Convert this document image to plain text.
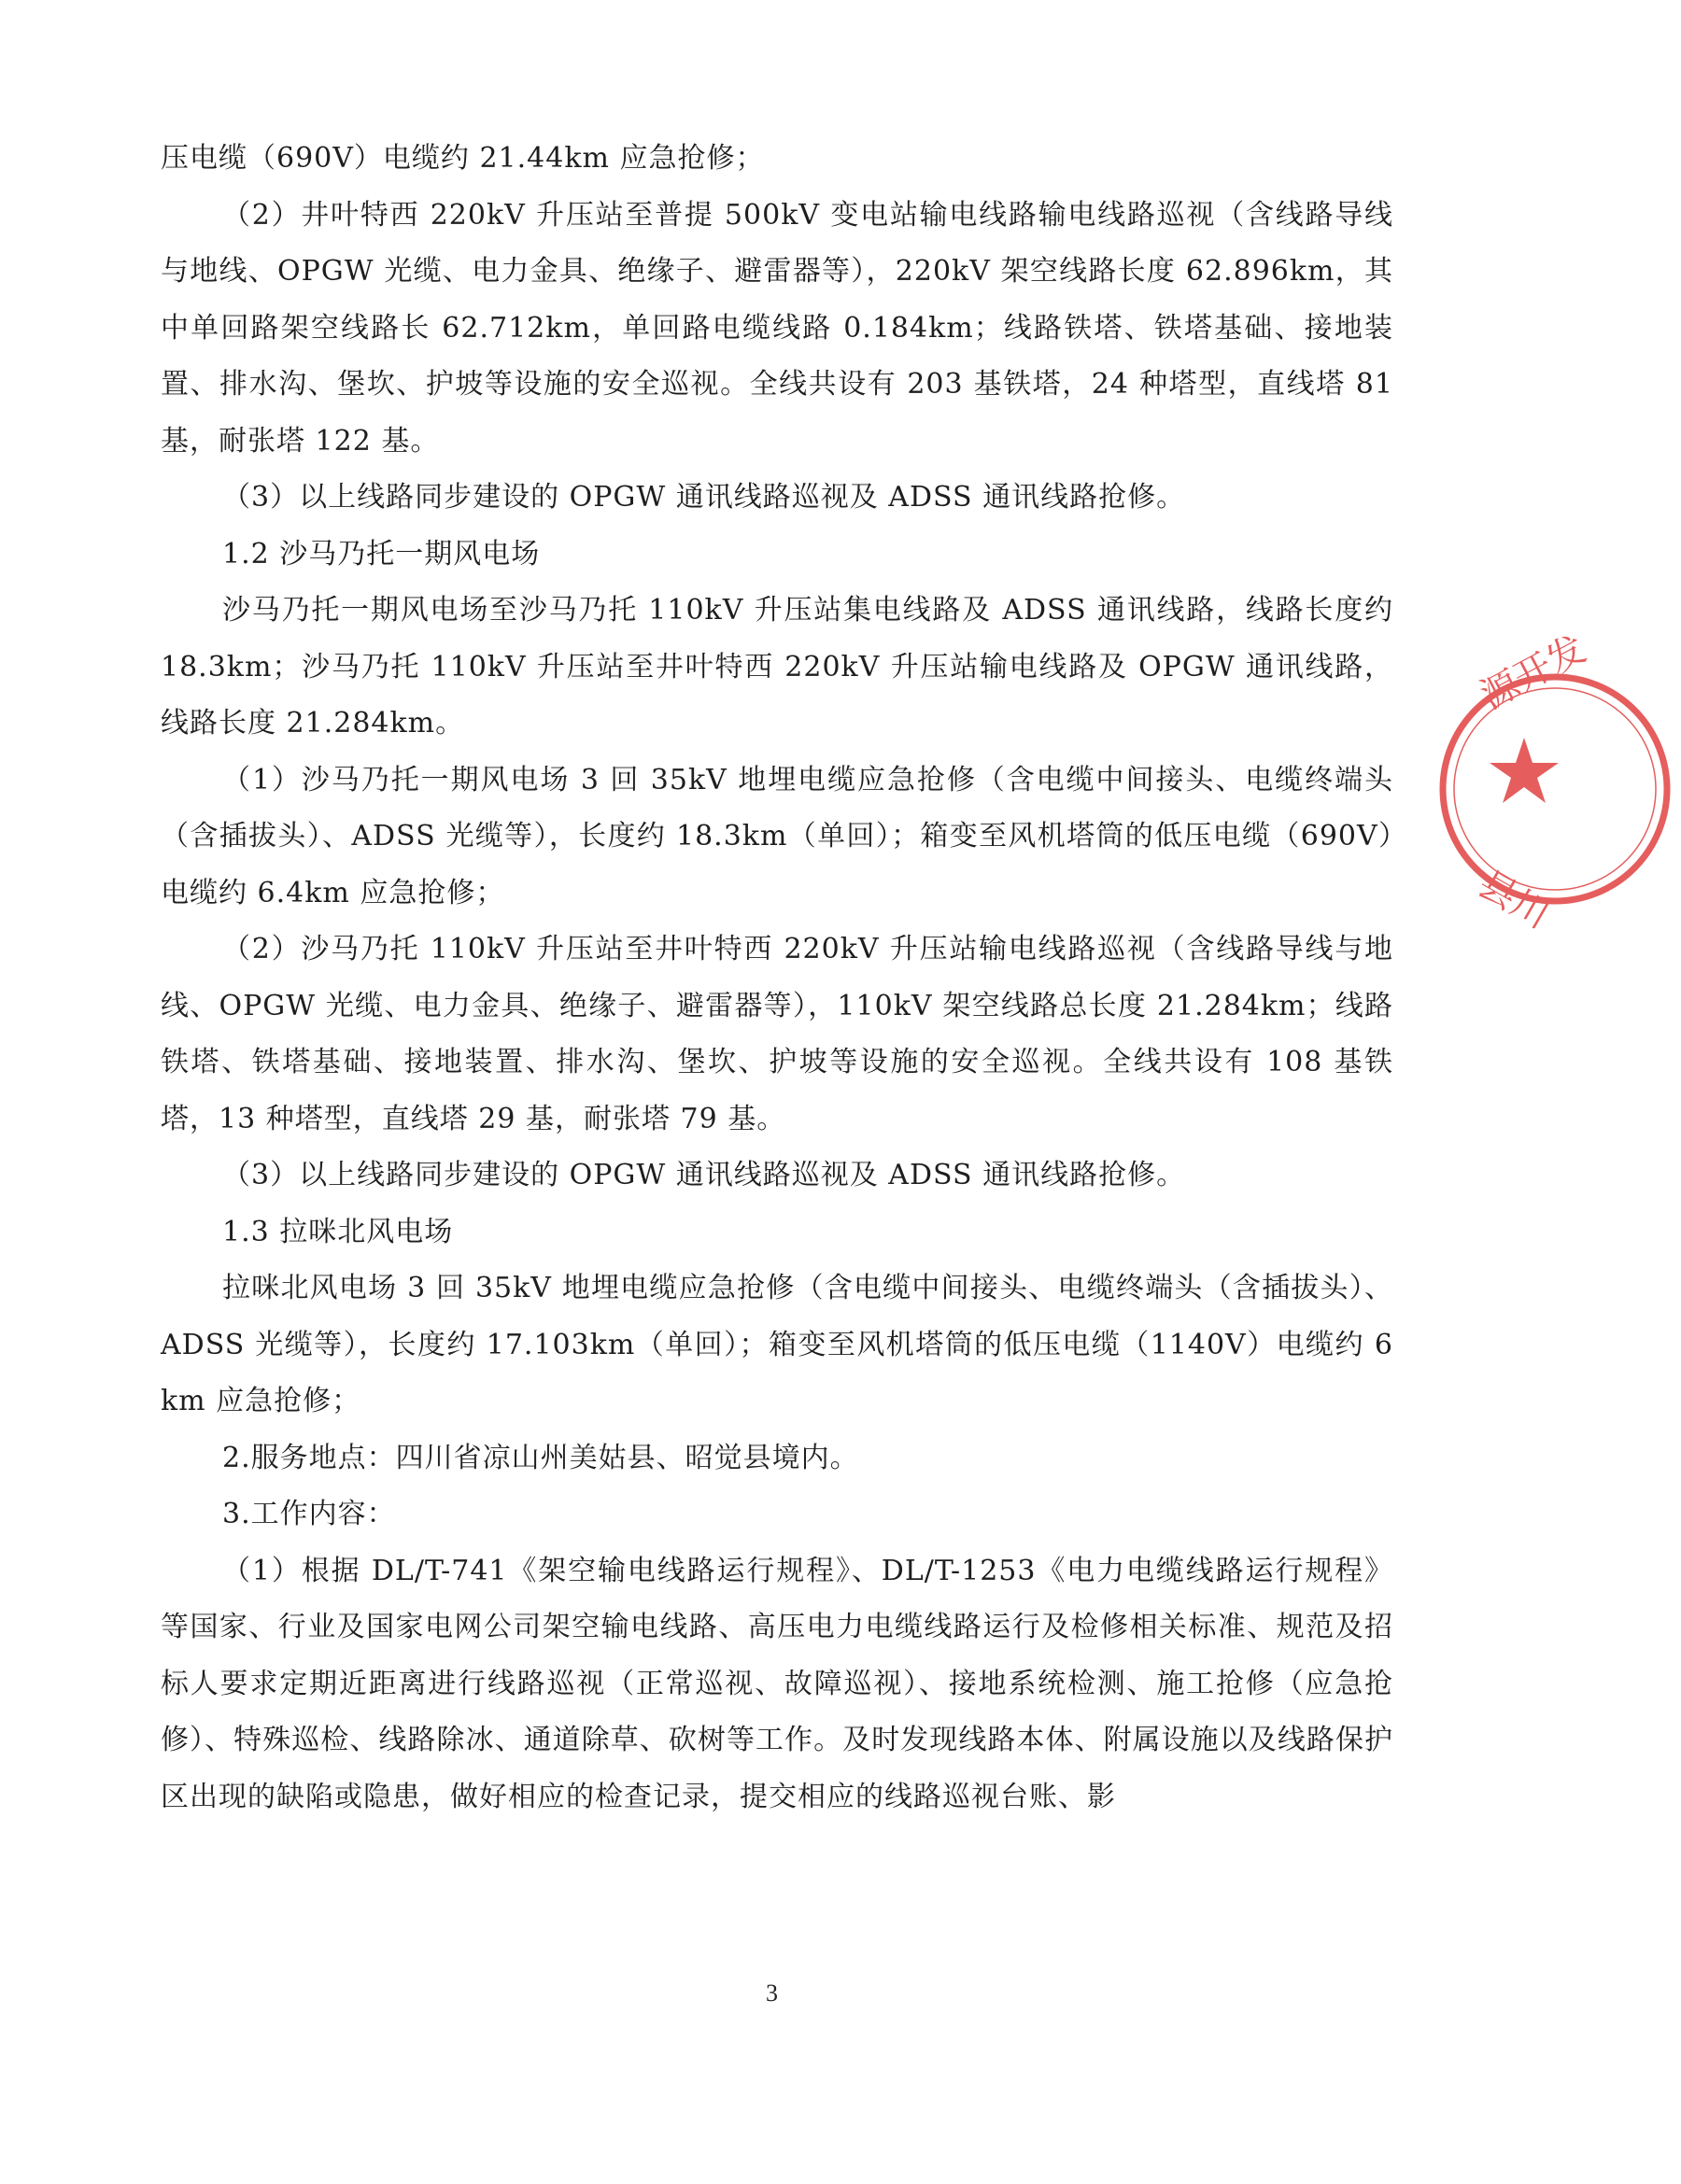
压电缆（690V）电缆约 21.44km 应急抢修；

（2）井叶特西 220kV 升压站至普提 500kV 变电站输电线路输电线路巡视（含线路导线与地线、OPGW 光缆、电力金具、绝缘子、避雷器等），220kV 架空线路长度 62.896km，其中单回路架空线路长 62.712km，单回路电缆线路 0.184km；线路铁塔、铁塔基础、接地装置、排水沟、堡坎、护坡等设施的安全巡视。全线共设有 203 基铁塔，24 种塔型，直线塔 81 基，耐张塔 122 基。

（3）以上线路同步建设的 OPGW 通讯线路巡视及 ADSS 通讯线路抢修。

1.2 沙马乃托一期风电场

沙马乃托一期风电场至沙马乃托 110kV 升压站集电线路及 ADSS 通讯线路，线路长度约 18.3km；沙马乃托 110kV 升压站至井叶特西 220kV 升压站输电线路及 OPGW 通讯线路，线路长度 21.284km。

（1）沙马乃托一期风电场 3 回 35kV 地埋电缆应急抢修（含电缆中间接头、电缆终端头（含插拔头）、ADSS 光缆等），长度约 18.3km（单回）；箱变至风机塔筒的低压电缆（690V）电缆约 6.4km 应急抢修；

（2）沙马乃托 110kV 升压站至井叶特西 220kV 升压站输电线路巡视（含线路导线与地线、OPGW 光缆、电力金具、绝缘子、避雷器等），110kV 架空线路总长度 21.284km；线路铁塔、铁塔基础、接地装置、排水沟、堡坎、护坡等设施的安全巡视。全线共设有 108 基铁塔，13 种塔型，直线塔 29 基，耐张塔 79 基。

（3）以上线路同步建设的 OPGW 通讯线路巡视及 ADSS 通讯线路抢修。

1.3 拉咪北风电场

拉咪北风电场 3 回 35kV 地埋电缆应急抢修（含电缆中间接头、电缆终端头（含插拔头）、ADSS 光缆等），长度约 17.103km（单回）；箱变至风机塔筒的低压电缆（1140V）电缆约 6km 应急抢修；

2.服务地点：四川省凉山州美姑县、昭觉县境内。

3.工作内容：

（1）根据 DL/T-741《架空输电线路运行规程》、DL/T-1253《电力电缆线路运行规程》等国家、行业及国家电网公司架空输电线路、高压电力电缆线路运行及检修相关标准、规范及招标人要求定期近距离进行线路巡视（正常巡视、故障巡视）、接地系统检测、施工抢修（应急抢修）、特殊巡检、线路除冰、通道除草、砍树等工作。及时发现线路本体、附属设施以及线路保护区出现的缺陷或隐患，做好相应的检查记录，提交相应的线路巡视台账、影

源开发
县川
3
